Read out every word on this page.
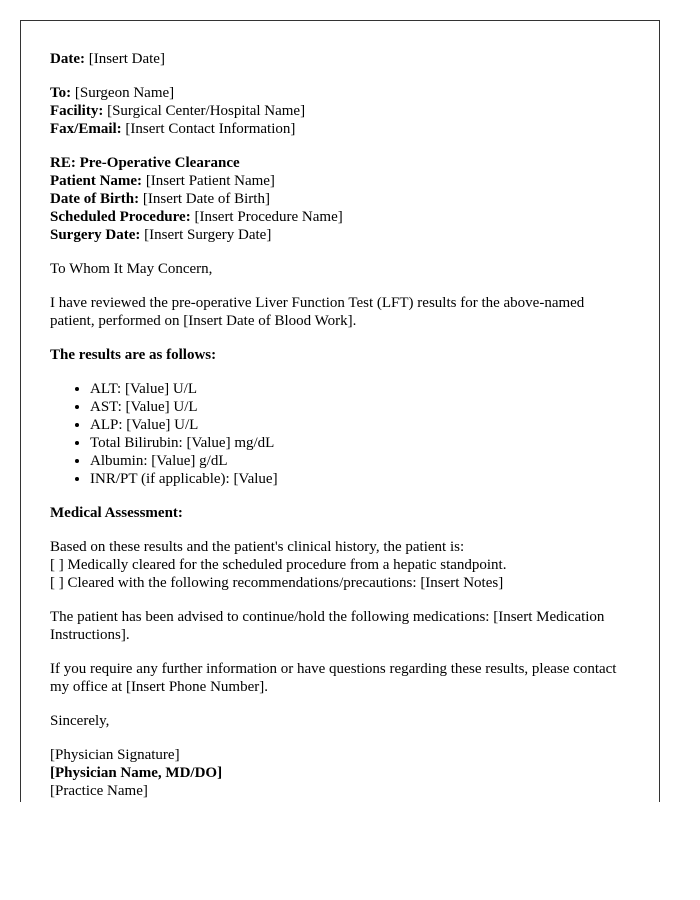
Date: [Insert Date]
To: [Surgeon Name]
Facility: [Surgical Center/Hospital Name]
Fax/Email: [Insert Contact Information]
RE: Pre-Operative Clearance
Patient Name: [Insert Patient Name]
Date of Birth: [Insert Date of Birth]
Scheduled Procedure: [Insert Procedure Name]
Surgery Date: [Insert Surgery Date]

To Whom It May Concern,

I have reviewed the pre-operative Liver Function Test (LFT) results for the above-named patient, performed on [Insert Date of Blood Work].

The results are as follows:

• ALT: [Value] U/L
• AST: [Value] U/L
• ALP: [Value] U/L
• Total Bilirubin: [Value] mg/dL
• Albumin: [Value] g/dL
• INR/PT (if applicable): [Value]

Medical Assessment:

Based on these results and the patient's clinical history, the patient is:
[ ] Medically cleared for the scheduled procedure from a hepatic standpoint.
[ ] Cleared with the following recommendations/precautions: [Insert Notes]

The patient has been advised to continue/hold the following medications: [Insert Medication Instructions].

If you require any further information or have questions regarding these results, please contact my office at [Insert Phone Number].

Sincerely,

[Physician Signature]
[Physician Name, MD/DO]
[Practice Name]
